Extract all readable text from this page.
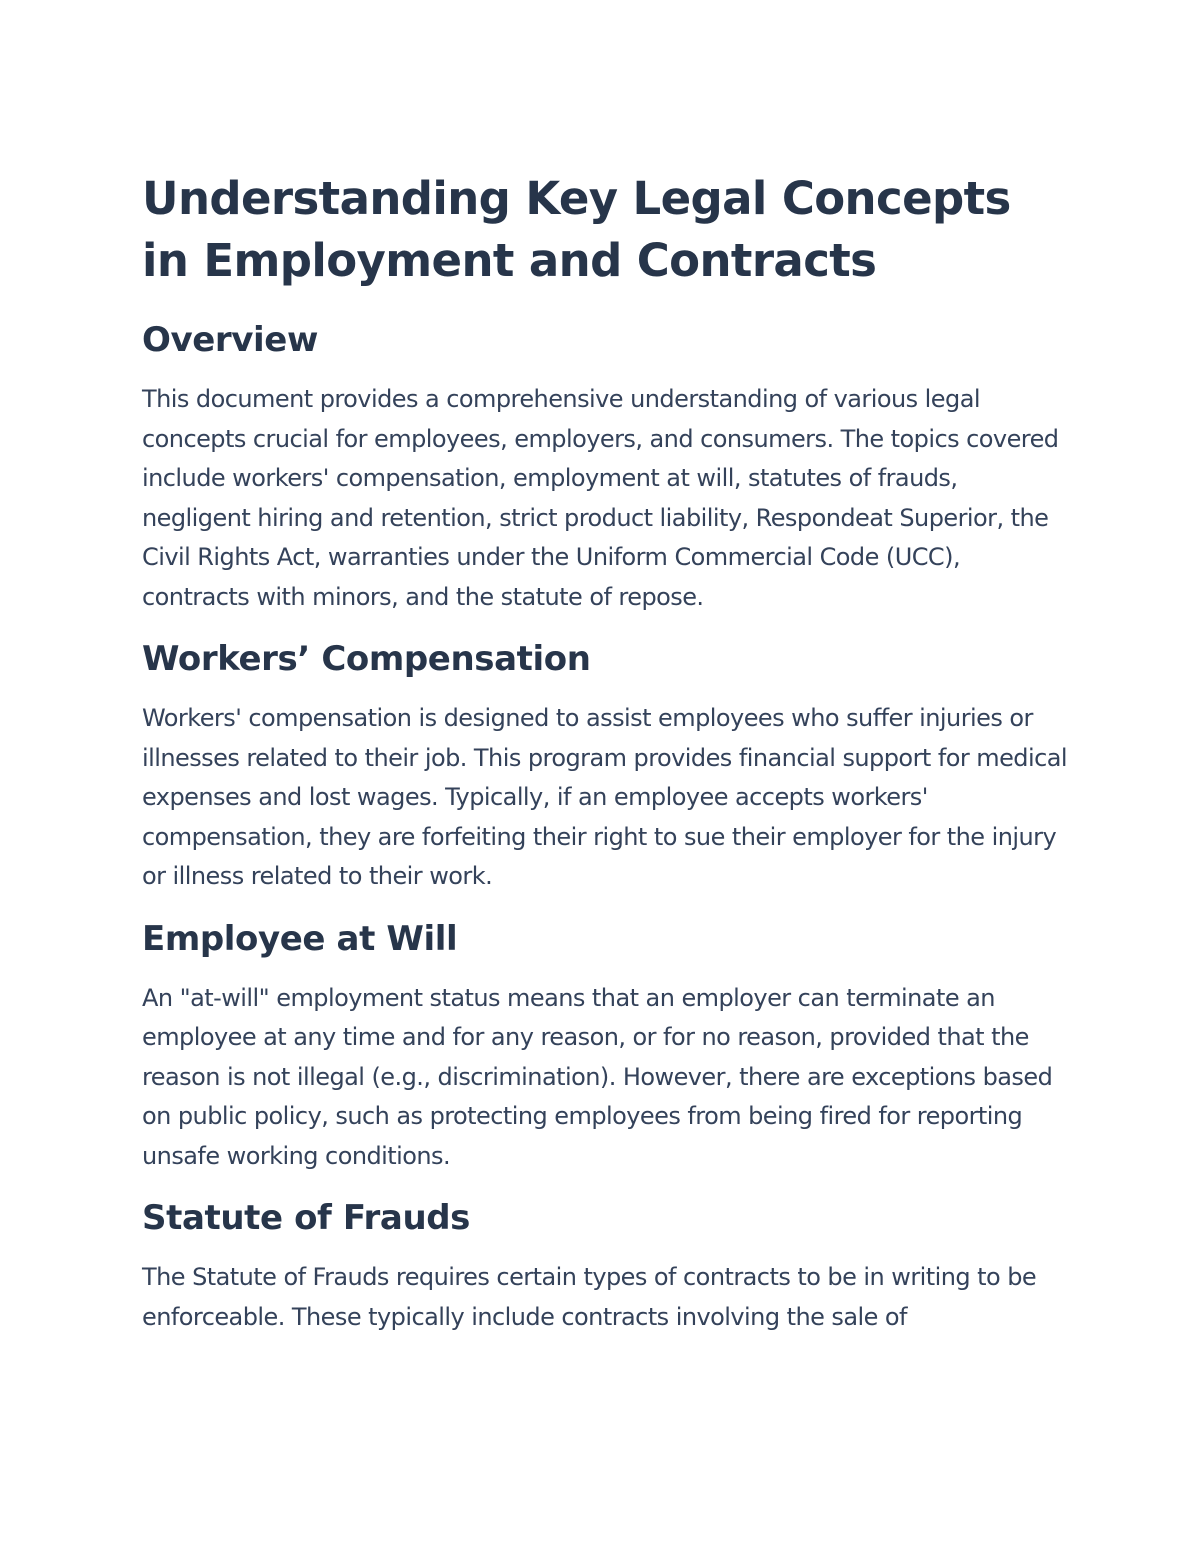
Understanding Key Legal Concepts in Employment and Contracts
Overview

This document provides a comprehensive understanding of various legal concepts crucial for employees, employers, and consumers. The topics covered include workers' compensation, employment at will, statutes of frauds, negligent hiring and retention, strict product liability, Respondeat Superior, the Civil Rights Act, warranties under the Uniform Commercial Code (UCC), contracts with minors, and the statute of repose.

Workers’ Compensation

Workers' compensation is designed to assist employees who suffer injuries or illnesses related to their job. This program provides financial support for medical expenses and lost wages. Typically, if an employee accepts workers' compensation, they are forfeiting their right to sue their employer for the injury or illness related to their work.

Employee at Will

An "at-will" employment status means that an employer can terminate an employee at any time and for any reason, or for no reason, provided that the reason is not illegal (e.g., discrimination). However, there are exceptions based on public policy, such as protecting employees from being fired for reporting unsafe working conditions.

Statute of Frauds

The Statute of Frauds requires certain types of contracts to be in writing to be enforceable. These typically include contracts involving the sale of
